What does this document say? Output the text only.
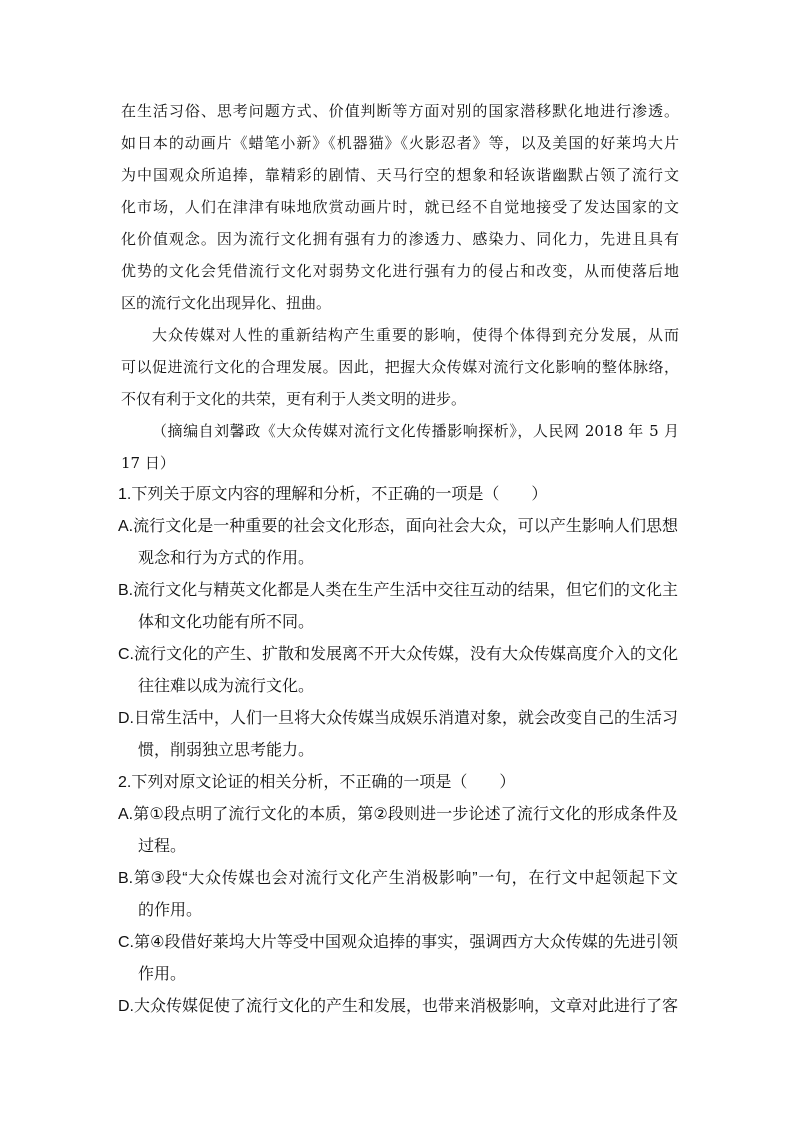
在生活习俗、思考问题方式、价值判断等方面对别的国家潜移默化地进行渗透。
如日本的动画片《蜡笔小新》《机器猫》《火影忍者》等，以及美国的好莱坞大片
为中国观众所追捧，靠精彩的剧情、天马行空的想象和轻诙谐幽默占领了流行文
化市场，人们在津津有味地欣赏动画片时，就已经不自觉地接受了发达国家的文
化价值观念。因为流行文化拥有强有力的渗透力、感染力、同化力，先进且具有
优势的文化会凭借流行文化对弱势文化进行强有力的侵占和改变，从而使落后地
区的流行文化出现异化、扭曲。
大众传媒对人性的重新结构产生重要的影响，使得个体得到充分发展，从而
可以促进流行文化的合理发展。因此，把握大众传媒对流行文化影响的整体脉络，
不仅有利于文化的共荣，更有利于人类文明的进步。
（摘编自刘馨政《大众传媒对流行文化传播影响探析》，人民网 2018 年 5 月
17 日）
1.下列关于原文内容的理解和分析，不正确的一项是（　　）
A.流行文化是一种重要的社会文化形态，面向社会大众，可以产生影响人们思想
观念和行为方式的作用。
B.流行文化与精英文化都是人类在生产生活中交往互动的结果，但它们的文化主
体和文化功能有所不同。
C.流行文化的产生、扩散和发展离不开大众传媒，没有大众传媒高度介入的文化
往往难以成为流行文化。
D.日常生活中，人们一旦将大众传媒当成娱乐消遣对象，就会改变自己的生活习
惯，削弱独立思考能力。
2.下列对原文论证的相关分析，不正确的一项是（　　）
A.第①段点明了流行文化的本质，第②段则进一步论述了流行文化的形成条件及
过程。
B.第③段“大众传媒也会对流行文化产生消极影响”一句，在行文中起领起下文
的作用。
C.第④段借好莱坞大片等受中国观众追捧的事实，强调西方大众传媒的先进引领
作用。
D.大众传媒促使了流行文化的产生和发展，也带来消极影响，文章对此进行了客
